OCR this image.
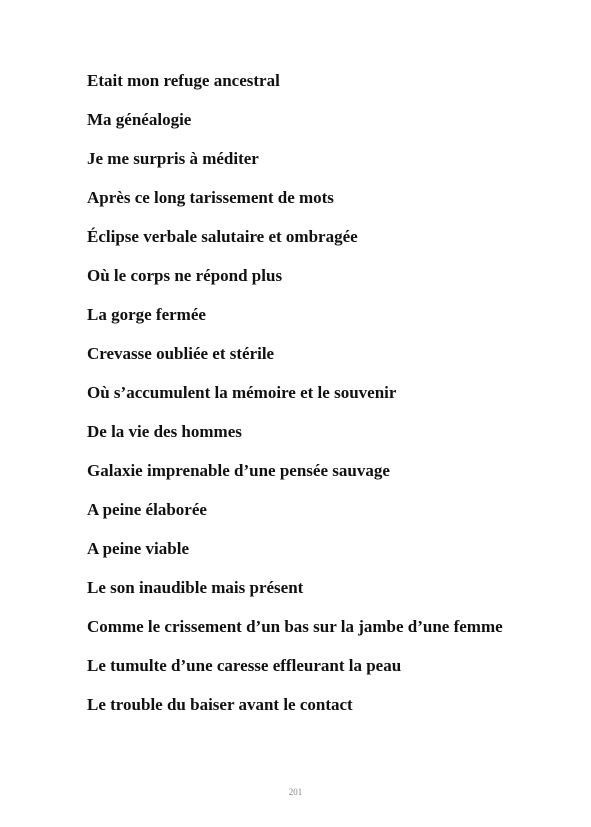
Etait mon refuge ancestral

Ma généalogie

Je me surpris à méditer

Après ce long tarissement de mots

Éclipse verbale salutaire et ombragée

Où le corps ne répond plus

La gorge fermée

Crevasse oubliée et stérile

Où s’accumulent la mémoire et le souvenir

De la vie des hommes

Galaxie imprenable d’une pensée sauvage

A peine élaborée

A peine viable

Le son inaudible mais présent

Comme le crissement d’un bas sur la jambe d’une femme

Le tumulte d’une caresse effleurant la peau

Le trouble du baiser avant le contact

201
